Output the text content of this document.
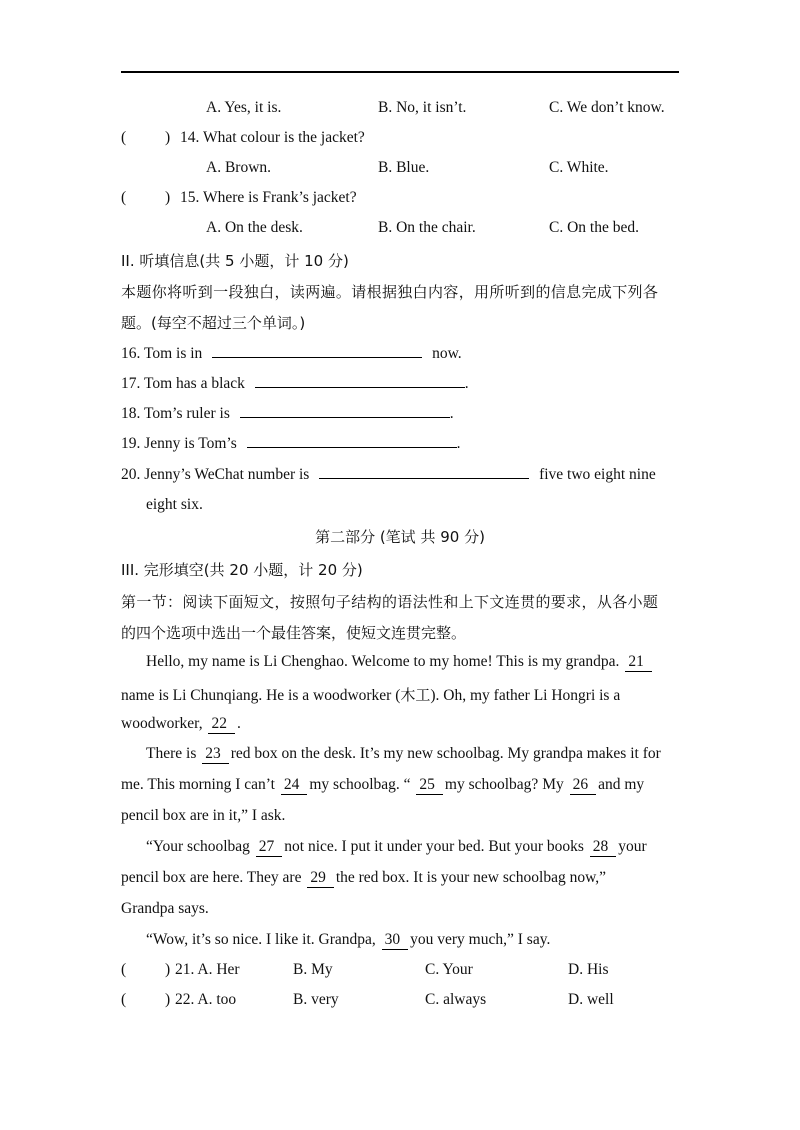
A. Yes, it is.	B. No, it isn’t.	C. We don’t know.
(	) 14. What colour is the jacket?
A. Brown.	B. Blue.	C. White.
(	) 15. Where is Frank’s jacket?
A. On the desk.	B. On the chair.	C. On the bed.
II. 听填信息(共 5 小题，计 10 分)
本题你将听到一段独白，读两遍。请根据独白内容，用所听到的信息完成下列各
题。(每空不超过三个单词。)
16. Tom is in	now.
17. Tom has a black	.
18. Tom’s ruler is	.
19. Jenny is Tom’s	.
20. Jenny’s WeChat number is	five two eight nine
eight six.
第二部分 (笔试 共 90 分)
III. 完形填空(共 20 小题，计 20 分)
第一节：阅读下面短文，按照句子结构的语法性和上下文连贯的要求，从各小题
的四个选项中选出一个最佳答案，使短文连贯完整。
Hello, my name is Li Chenghao. Welcome to my home! This is my grandpa. 21
name is Li Chunqiang. He is a woodworker (木工). Oh, my father Li Hongri is a
woodworker, 22 .
There is 23 red box on the desk. It’s my new schoolbag. My grandpa makes it for
me. This morning I can’t 24 my schoolbag. “ 25 my schoolbag? My 26 and my
pencil box are in it,” I ask.
“Your schoolbag 27 not nice. I put it under your bed. But your books 28 your
pencil box are here. They are 29 the red box. It is your new schoolbag now,”
Grandpa says.
“Wow, it’s so nice. I like it. Grandpa, 30 you very much,” I say.
(	) 21. A. Her	B. My	C. Your	D. His
(	) 22. A. too	B. very	C. always	D. well
